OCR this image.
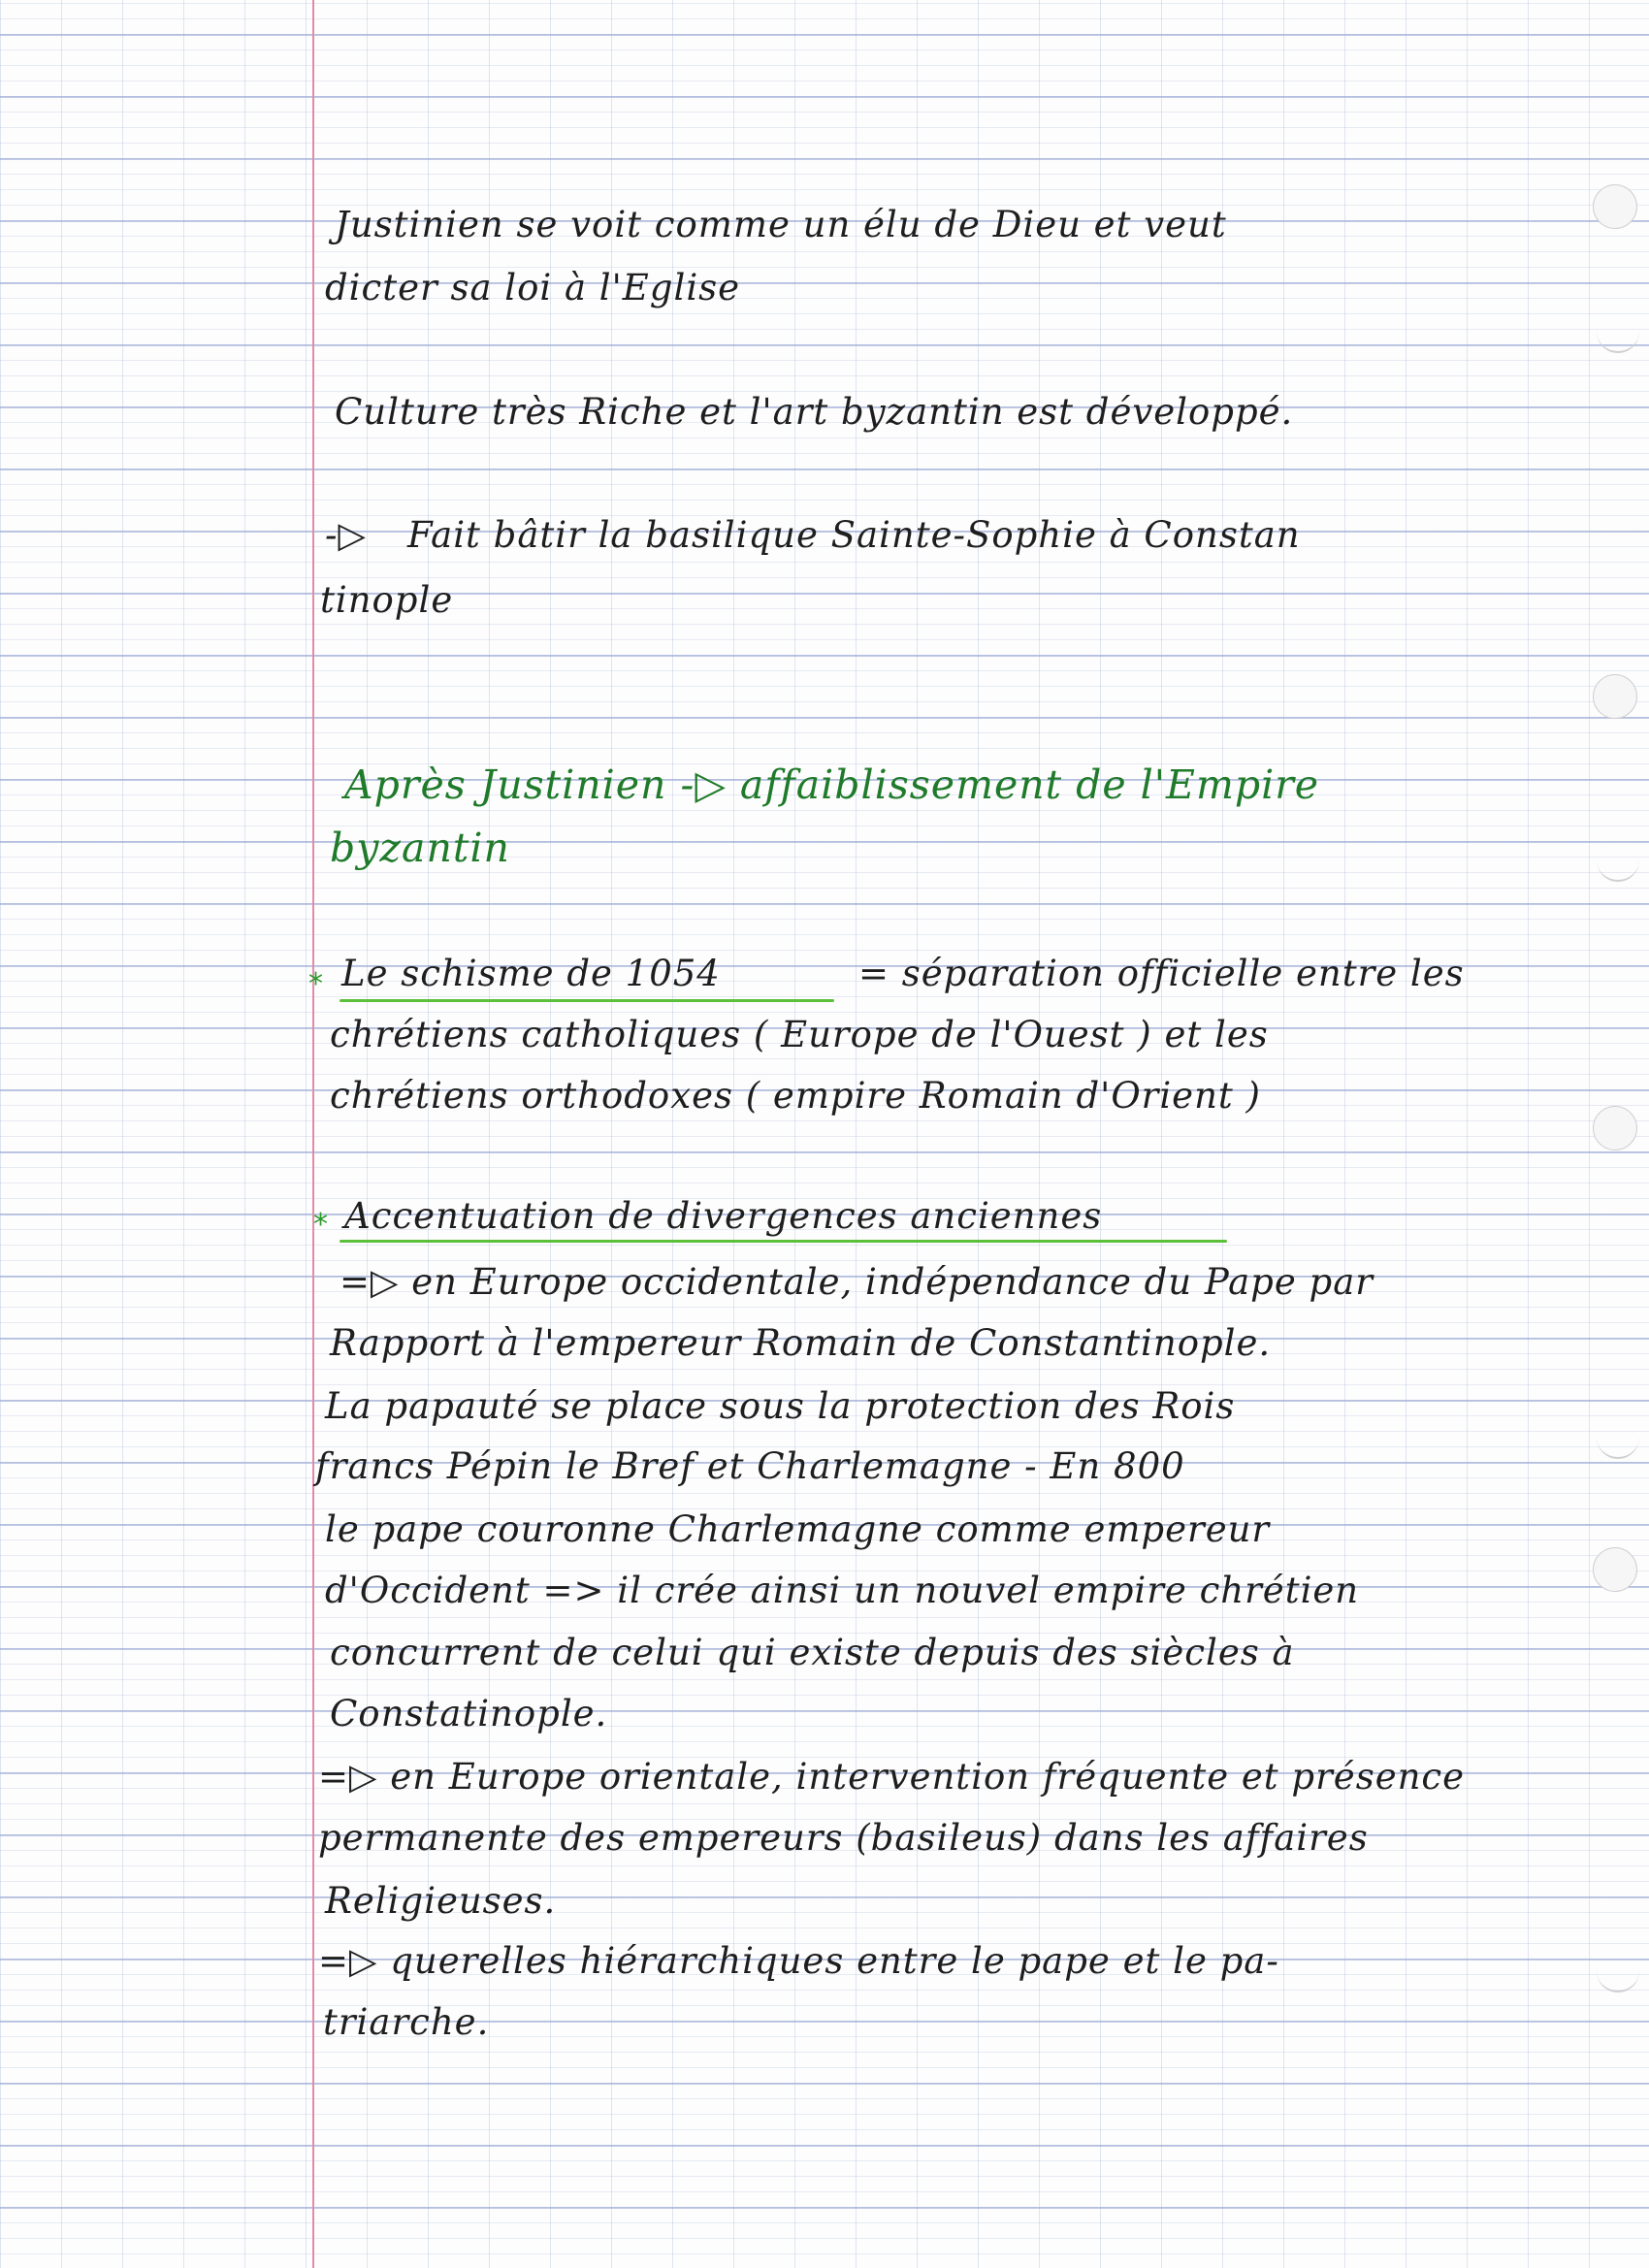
Justinien se voit comme un élu de Dieu et veut
dicter sa loi à l'Eglise
Culture très Riche et l'art byzantin est développé.
-▷ Fait bâtir la basilique Sainte-Sophie à Constan
tinople
Après Justinien -▷ affaiblissement de l'Empire
byzantin
* Le schisme de 1054	= séparation officielle entre les
chrétiens catholiques ( Europe de l'Ouest ) et les
chrétiens orthodoxes ( empire Romain d'Orient )
* Accentuation de divergences anciennes
=▷ en Europe occidentale, indépendance du Pape par
Rapport à l'empereur Romain de Constantinople.
La papauté se place sous la protection des Rois
francs Pépin le Bref et Charlemagne - En 800
le pape couronne Charlemagne comme empereur
d'Occident => il crée ainsi un nouvel empire chrétien
concurrent de celui qui existe depuis des siècles à
Constatinople.
=▷ en Europe orientale, intervention fréquente et présence
permanente des empereurs (basileus) dans les affaires
Religieuses.
=▷ querelles hiérarchiques entre le pape et le pa-
triarche.
